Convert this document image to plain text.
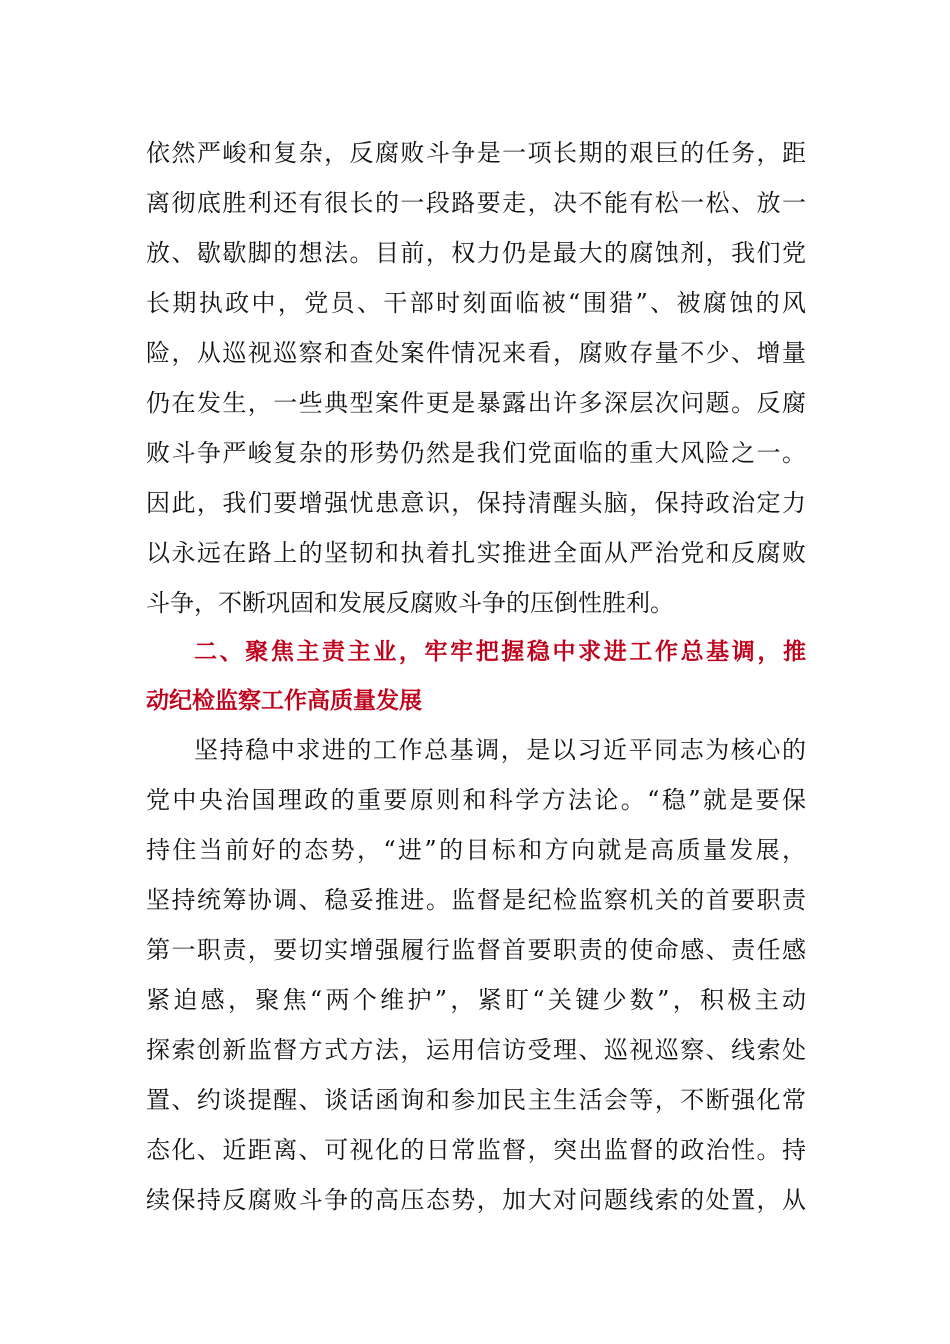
依然严峻和复杂，反腐败斗争是一项长期的艰巨的任务，距
离彻底胜利还有很长的一段路要走，决不能有松一松、放一
放、歇歇脚的想法。目前，权力仍是最大的腐蚀剂，我们党
长期执政中，党员、干部时刻面临被“围猎”、被腐蚀的风
险，从巡视巡察和查处案件情况来看，腐败存量不少、增量
仍在发生，一些典型案件更是暴露出许多深层次问题。反腐
败斗争严峻复杂的形势仍然是我们党面临的重大风险之一。
因此，我们要增强忧患意识，保持清醒头脑，保持政治定力
以永远在路上的坚韧和执着扎实推进全面从严治党和反腐败
斗争，不断巩固和发展反腐败斗争的压倒性胜利。
二、聚焦主责主业，牢牢把握稳中求进工作总基调，推
动纪检监察工作高质量发展
坚持稳中求进的工作总基调，是以习近平同志为核心的
党中央治国理政的重要原则和科学方法论。“稳”就是要保
持住当前好的态势，“进”的目标和方向就是高质量发展，
坚持统筹协调、稳妥推进。监督是纪检监察机关的首要职责
第一职责，要切实增强履行监督首要职责的使命感、责任感
紧迫感，聚焦“两个维护”，紧盯“关键少数”，积极主动
探索创新监督方式方法，运用信访受理、巡视巡察、线索处
置、约谈提醒、谈话函询和参加民主生活会等，不断强化常
态化、近距离、可视化的日常监督，突出监督的政治性。持
续保持反腐败斗争的高压态势，加大对问题线索的处置，从
